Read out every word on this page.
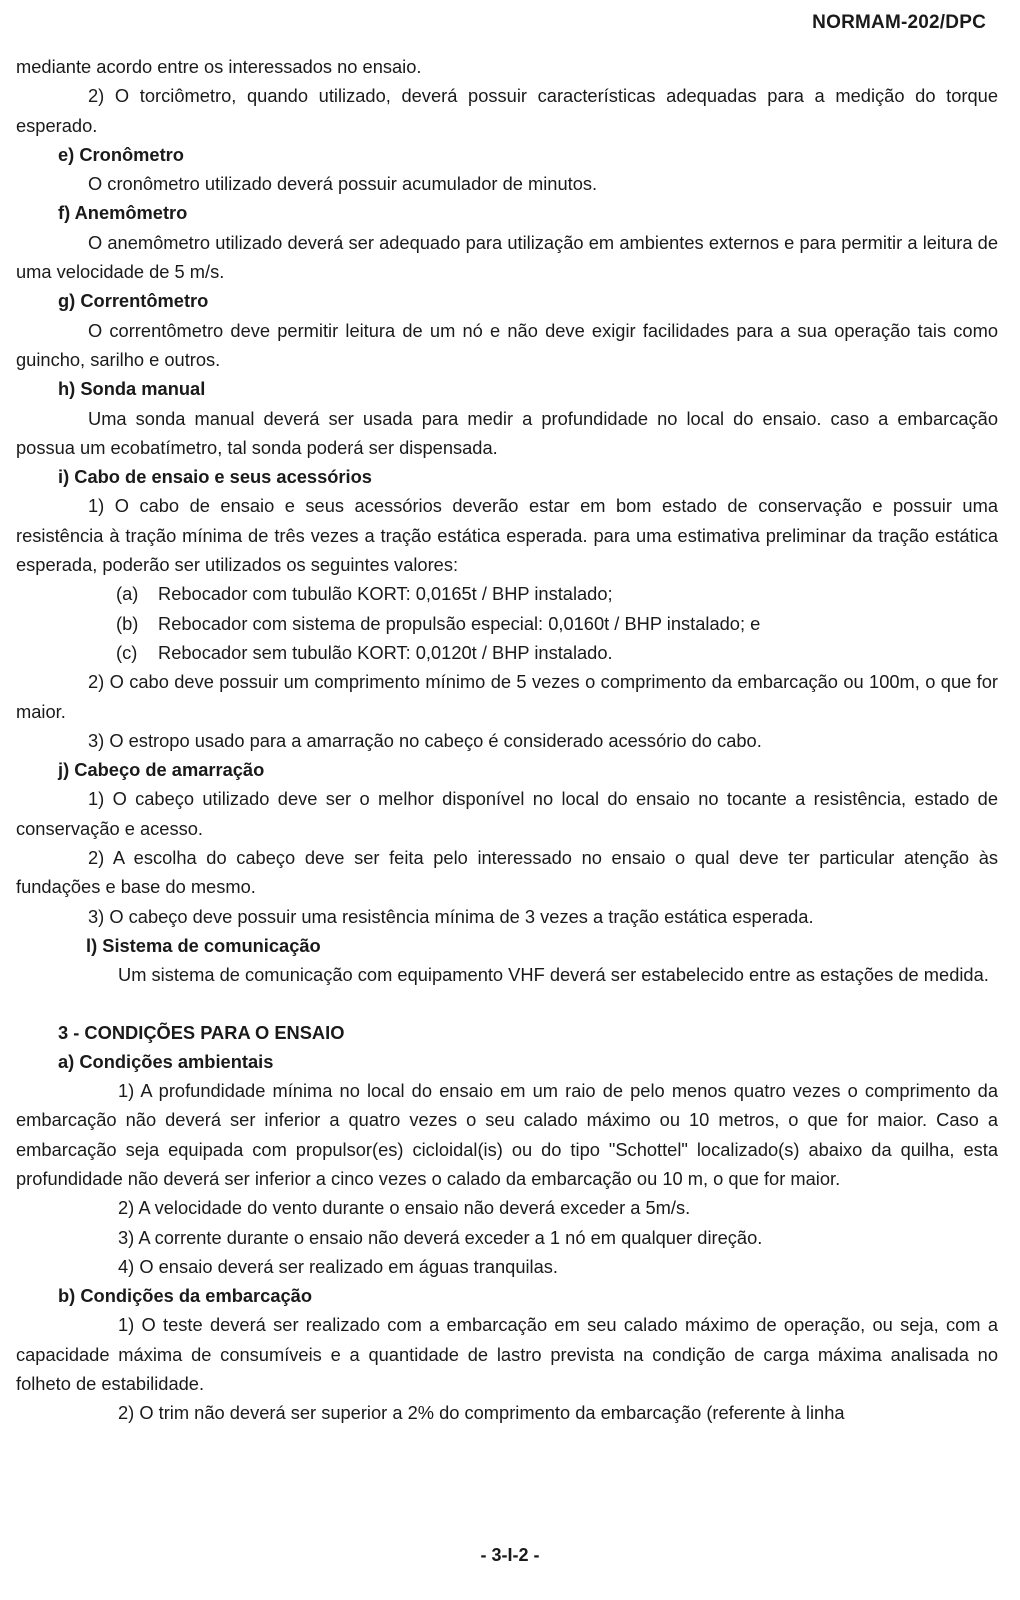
NORMAM-202/DPC

mediante acordo entre os interessados no ensaio.

2) O torciômetro, quando utilizado, deverá possuir características adequadas para a medição do torque esperado.

e) Cronômetro

O cronômetro utilizado deverá possuir acumulador de minutos.

f) Anemômetro

O anemômetro utilizado deverá ser adequado para utilização em ambientes externos e para permitir a leitura de uma velocidade de 5 m/s.

g) Correntômetro

O correntômetro deve permitir leitura de um nó e não deve exigir facilidades para a sua operação tais como guincho, sarilho e outros.

h) Sonda manual

Uma sonda manual deverá ser usada para medir a profundidade no local do ensaio. caso a embarcação possua um ecobatímetro, tal sonda poderá ser dispensada.

i) Cabo de ensaio e seus acessórios

1) O cabo de ensaio e seus acessórios deverão estar em bom estado de conservação e possuir uma resistência à tração mínima de três vezes a tração estática esperada. para uma estimativa preliminar da tração estática esperada, poderão ser utilizados os seguintes valores:

(a) Rebocador com tubulão KORT: 0,0165t / BHP instalado;

(b) Rebocador com sistema de propulsão especial: 0,0160t / BHP instalado; e

(c) Rebocador sem tubulão KORT: 0,0120t / BHP instalado.

2) O cabo deve possuir um comprimento mínimo de 5 vezes o comprimento da embarcação ou 100m, o que for maior.

3) O estropo usado para a amarração no cabeço é considerado acessório do cabo.

j) Cabeço de amarração

1) O cabeço utilizado deve ser o melhor disponível no local do ensaio no tocante a resistência, estado de conservação e acesso.

2) A escolha do cabeço deve ser feita pelo interessado no ensaio o qual deve ter particular atenção às fundações e base do mesmo.

3) O cabeço deve possuir uma resistência mínima de 3 vezes a tração estática esperada.

l) Sistema de comunicação

Um sistema de comunicação com equipamento VHF deverá ser estabelecido entre as estações de medida.

3 - CONDIÇÕES PARA O ENSAIO

a) Condições ambientais

1) A profundidade mínima no local do ensaio em um raio de pelo menos quatro vezes o comprimento da embarcação não deverá ser inferior a quatro vezes o seu calado máximo ou 10 metros, o que for maior. Caso a embarcação seja equipada com propulsor(es) cicloidal(is) ou do tipo "Schottel" localizado(s) abaixo da quilha, esta profundidade não deverá ser inferior a cinco vezes o calado da embarcação ou 10 m, o que for maior.

2) A velocidade do vento durante o ensaio não deverá exceder a 5m/s.

3) A corrente durante o ensaio não deverá exceder a 1 nó em qualquer direção.

4) O ensaio deverá ser realizado em águas tranquilas.

b) Condições da embarcação

1) O teste deverá ser realizado com a embarcação em seu calado máximo de operação, ou seja, com a capacidade máxima de consumíveis e a quantidade de lastro prevista na condição de carga máxima analisada no folheto de estabilidade.

2) O trim não deverá ser superior a 2% do comprimento da embarcação (referente à linha

- 3-I-2 -
